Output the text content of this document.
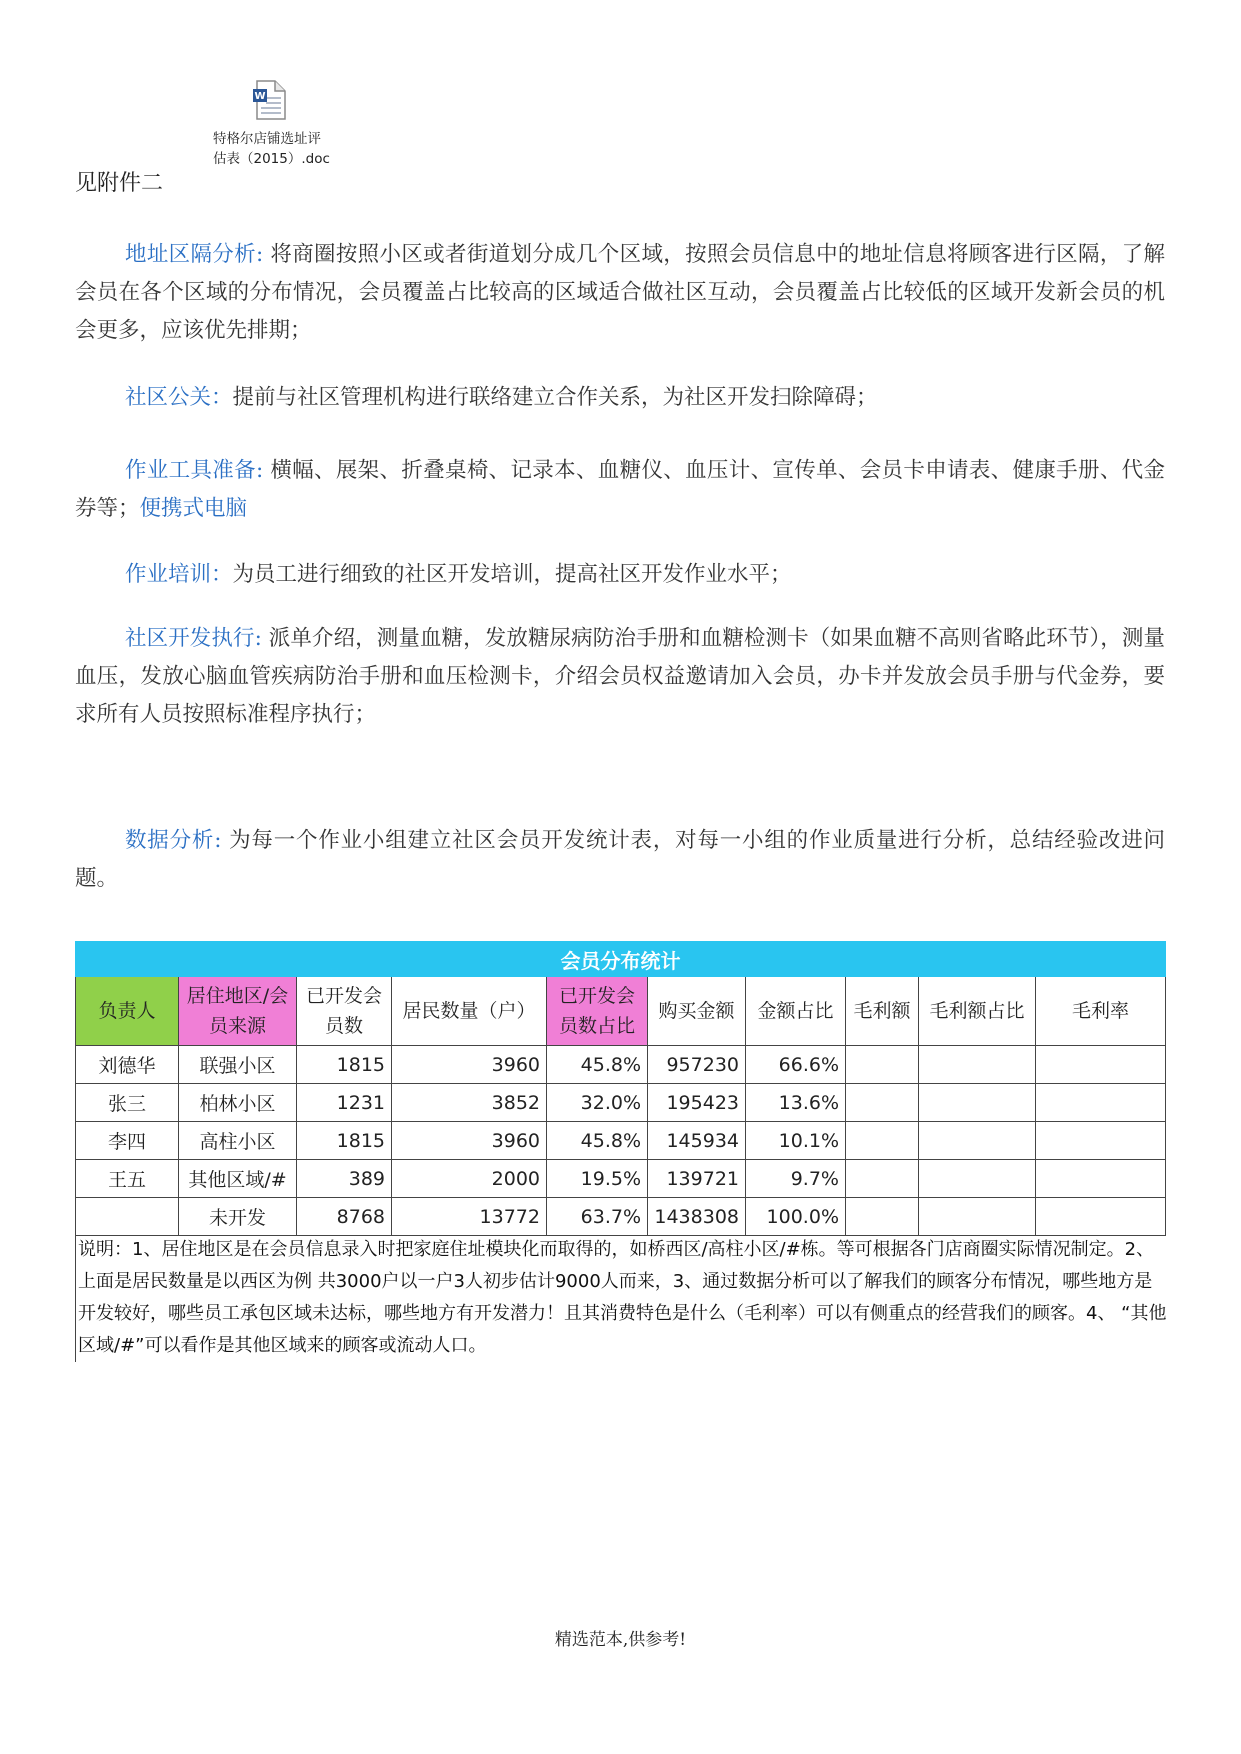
W
特格尔店铺选址评
估表（2015）.doc
见附件二

地址区隔分析: 将商圈按照小区或者街道划分成几个区域，按照会员信息中的地址信息将顾客进行区隔，了解会员在各个区域的分布情况，会员覆盖占比较高的区域适合做社区互动，会员覆盖占比较低的区域开发新会员的机会更多，应该优先排期；

社区公关：提前与社区管理机构进行联络建立合作关系，为社区开发扫除障碍；

作业工具准备: 横幅、展架、折叠桌椅、记录本、血糖仪、血压计、宣传单、会员卡申请表、健康手册、代金券等；便携式电脑

作业培训：为员工进行细致的社区开发培训，提高社区开发作业水平；

社区开发执行: 派单介绍，测量血糖，发放糖尿病防治手册和血糖检测卡（如果血糖不高则省略此环节），测量血压，发放心脑血管疾病防治手册和血压检测卡，介绍会员权益邀请加入会员，办卡并发放会员手册与代金券，要求所有人员按照标准程序执行；

数据分析: 为每一个作业小组建立社区会员开发统计表，对每一小组的作业质量进行分析，总结经验改进问题。

会员分布统计									
负责人	居住地区/会员来源	已开发会员数	居民数量（户）	已开发会员数占比	购买金额	金额占比	毛利额	毛利额占比	毛利率
刘德华	联强小区	1815	3960	45.8%	957230	66.6%			
张三	柏林小区	1231	3852	32.0%	195423	13.6%			
李四	高柱小区	1815	3960	45.8%	145934	10.1%			
王五	其他区域/#	389	2000	19.5%	139721	9.7%			
	未开发	8768	13772	63.7%	1438308	100.0%			
说明：1、居住地区是在会员信息录入时把家庭住址模块化而取得的，如桥西区/高柱小区/#栋。等可根据各门店商圈实际情况制定。2、上面是居民数量是以西区为例 共3000户以一户3人初步估计9000人而来，3、通过数据分析可以了解我们的顾客分布情况，哪些地方是开发较好，哪些员工承包区域未达标，哪些地方有开发潜力！且其消费特色是什么（毛利率）可以有侧重点的经营我们的顾客。4、 “其他区域/#”可以看作是其他区域来的顾客或流动人口。
精选范本,供参考!
